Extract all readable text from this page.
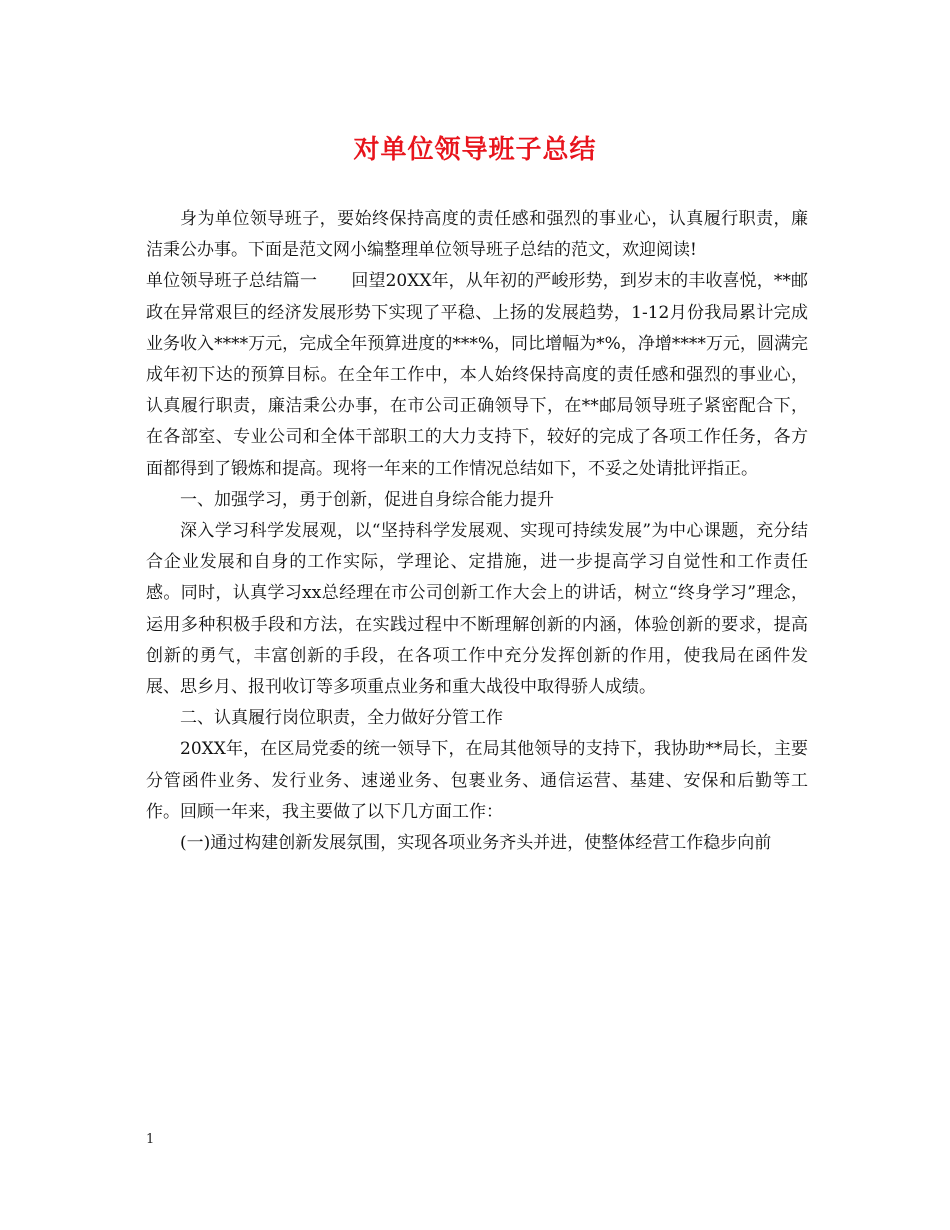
对单位领导班子总结

身为单位领导班子，要始终保持高度的责任感和强烈的事业心，认真履行职责，廉洁秉公办事。下面是范文网小编整理单位领导班子总结的范文，欢迎阅读!

单位领导班子总结篇一　　回望20XX年，从年初的严峻形势，到岁末的丰收喜悦，**邮政在异常艰巨的经济发展形势下实现了平稳、上扬的发展趋势，1-12月份我局累计完成业务收入****万元，完成全年预算进度的***%，同比增幅为*%，净增****万元，圆满完成年初下达的预算目标。在全年工作中，本人始终保持高度的责任感和强烈的事业心，认真履行职责，廉洁秉公办事，在市公司正确领导下，在**邮局领导班子紧密配合下，在各部室、专业公司和全体干部职工的大力支持下，较好的完成了各项工作任务，各方面都得到了锻炼和提高。现将一年来的工作情况总结如下，不妥之处请批评指正。

一、加强学习，勇于创新，促进自身综合能力提升

深入学习科学发展观，以“坚持科学发展观、实现可持续发展”为中心课题，充分结合企业发展和自身的工作实际，学理论、定措施，进一步提高学习自觉性和工作责任感。同时，认真学习xx总经理在市公司创新工作大会上的讲话，树立“终身学习”理念，运用多种积极手段和方法，在实践过程中不断理解创新的内涵，体验创新的要求，提高创新的勇气，丰富创新的手段，在各项工作中充分发挥创新的作用，使我局在函件发展、思乡月、报刊收订等多项重点业务和重大战役中取得骄人成绩。

二、认真履行岗位职责，全力做好分管工作

20XX年，在区局党委的统一领导下，在局其他领导的支持下，我协助**局长，主要分管函件业务、发行业务、速递业务、包裹业务、通信运营、基建、安保和后勤等工作。回顾一年来，我主要做了以下几方面工作：

(一)通过构建创新发展氛围，实现各项业务齐头并进，使整体经营工作稳步向前

1
